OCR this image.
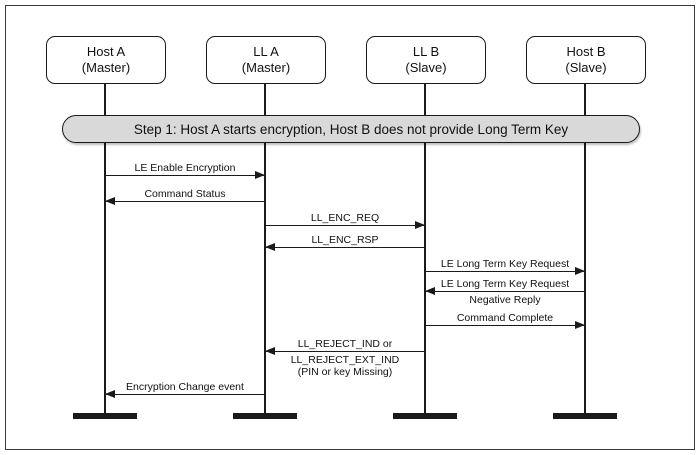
Host A
(Master)
LL A
(Master)
LL B
(Slave)
Host B
(Slave)
Step 1: Host A starts encryption, Host B does not provide Long Term Key
LE Enable Encryption
Command Status
LL_ENC_REQ
LL_ENC_RSP
LE Long Term Key Request
LE Long Term Key Request
Negative Reply
Command Complete
LL_REJECT_IND or
LL_REJECT_EXT_IND
(PIN or key Missing)
Encryption Change event
